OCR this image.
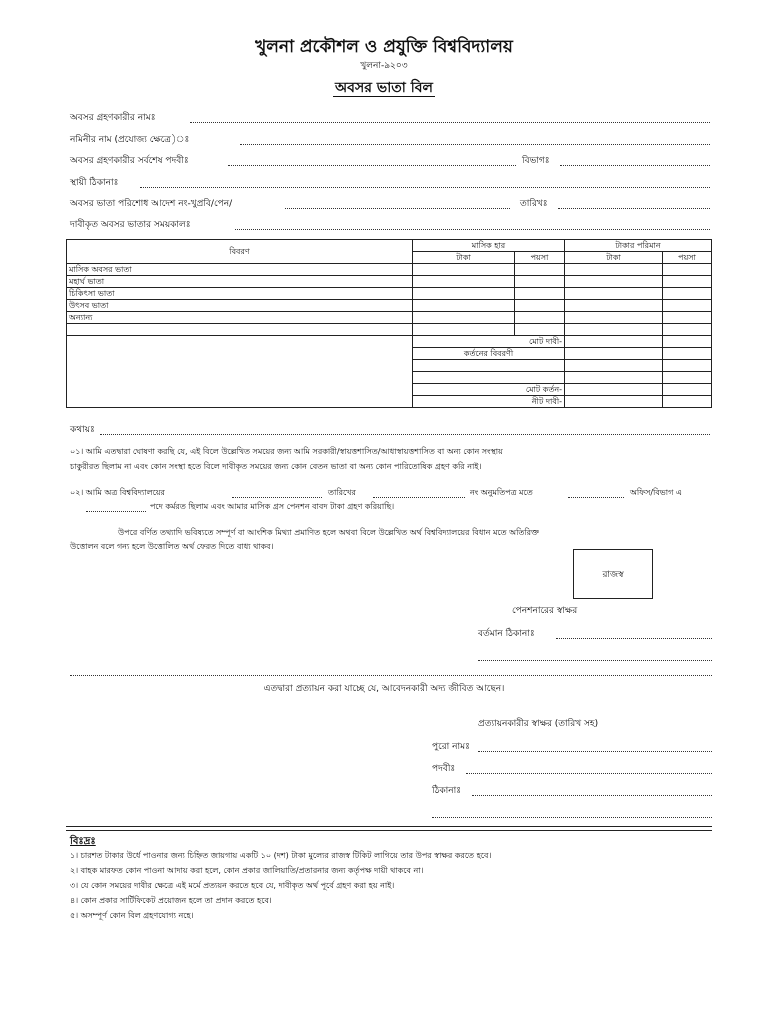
খুলনা প্রকৌশল ও প্রযুক্তি বিশ্ববিদ্যালয়
খুলনা-৯২০৩
অবসর ভাতা বিল
অবসর গ্রহণকারীর নামঃ
নমিনীর নাম (প্রযোজ্য ক্ষেত্রে)ঃ
অবসর গ্রহণকারীর সর্বশেষ পদবীঃ	বিভাগঃ
স্থায়ী ঠিকানাঃ
অবসর ভাতা পরিশোধ আদেশ নং-খুপ্রবি/পেন/	তারিখঃ
দাবীকৃত অবসর ভাতার সময়কালঃ
বিবরণ	মাসিক হার		টাকার পরিমান	
	টাকা	পয়সা	টাকা	পয়সা
মাসিক অবসর ভাতা				
মহার্ঘ ভাতা				
চিকিৎসা ভাতা				
উৎসব ভাতা				
অন্যান্য				

	মোট দাবী-			
	কর্তনের বিবরণী			

	মোট কর্তন-			
	নীট দাবী-			
কথায়ঃ
০১। আমি এতদ্বারা ঘোষণা করছি যে, এই বিলে উল্লেখিত সময়ের জন্য আমি সরকারী/স্বায়ত্তশাসিত/আধাস্বায়ত্তশাসিত বা অন্য কোন সংস্থায়
চাকুরীরত ছিলাম না এবং কোন সংস্থা হতে বিলে দাবীকৃত সময়ের জন্য কোন বেতন ভাতা বা অন্য কোন পারিতোষিক গ্রহণ করি নাই।
০২। আমি অত্র বিশ্ববিদ্যালয়ের	তারিখের	নং অনুমতিপত্র মতে	অফিস/বিভাগ এ
পদে কর্মরত ছিলাম এবং আমার মাসিক গ্রস পেনশন বাবদ টাকা গ্রহণ করিয়াছি।
উপরে বর্ণিত তথ্যাদি ভবিষ্যতে সম্পূর্ণ বা আংশিক মিথ্যা প্রমাণিত হলে অথবা বিলে উল্লেখিত অর্থ বিশ্ববিদ্যালয়ের বিধান মতে অতিরিক্ত
উত্তোলন বলে গন্য হলে উত্তোলিত অর্থ ফেরত দিতে বাধ্য থাকব।
রাজস্ব
পেনশনারের স্বাক্ষর
বর্তমান ঠিকানাঃ
এতদ্বারা প্রত্যায়ন করা যাচ্ছে যে, আবেদনকারী অদ্য জীবিত আছেন।
প্রত্যায়নকারীর স্বাক্ষর (তারিখ সহ)
পুরো নামঃ
পদবীঃ
ঠিকানাঃ
বিঃদ্রঃ
১। চারশত টাকার উর্ধে পাওনার জন্য চিহ্নিত জায়গায় একটি ১০ (দশ) টাকা মুল্যের রাজস্ব টিকিট লাগিয়ে তার উপর স্বাক্ষর করতে হবে।
২। বাহক মারফত কোন পাওনা আদায় করা হলে, কোন প্রকার জালিয়াতি/প্রতারনার জন্য কর্তৃপক্ষ দায়ী থাকবে না।
৩। যে কোন সময়ের দাবীর ক্ষেত্রে এই মর্মে প্রত্যয়ন করতে হবে যে, দাবীকৃত অর্থ পূর্বে গ্রহণ করা হয় নাই।
৪। কোন প্রকার সার্টিফিকেট প্রয়োজন হলে তা প্রদান করতে হবে।
৫। অসম্পূর্ণ কোন বিল গ্রহণযোগ্য নহে।
